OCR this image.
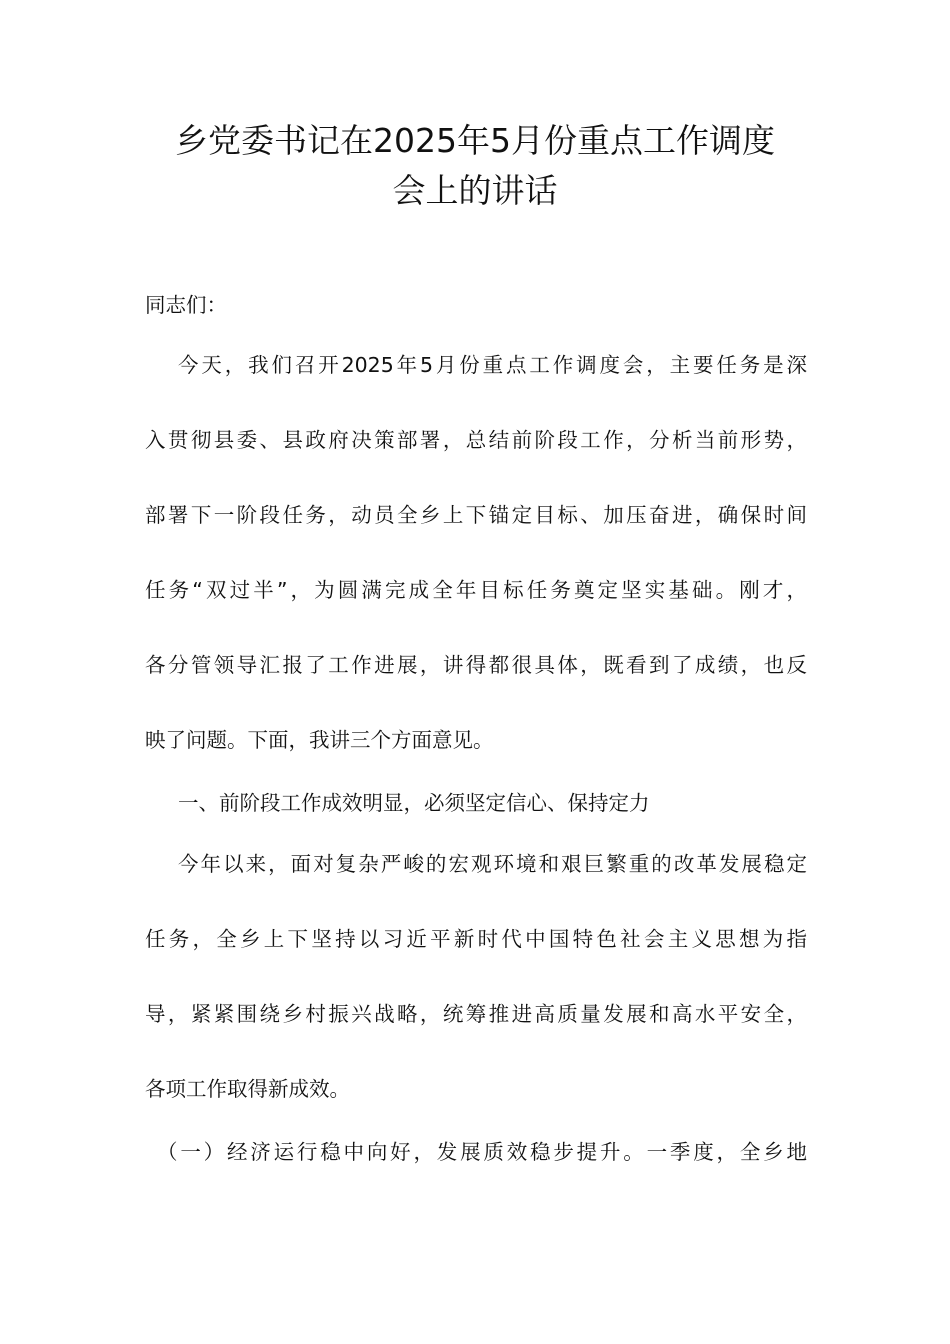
乡党委书记在2025年5月份重点工作调度
会上的讲话
同志们：
今天，我们召开2025年5月份重点工作调度会，主要任务是深
入贯彻县委、县政府决策部署，总结前阶段工作，分析当前形势，
部署下一阶段任务，动员全乡上下锚定目标、加压奋进，确保时间
任务“双过半”，为圆满完成全年目标任务奠定坚实基础。刚才，
各分管领导汇报了工作进展，讲得都很具体，既看到了成绩，也反
映了问题。下面，我讲三个方面意见。
一、前阶段工作成效明显，必须坚定信心、保持定力
今年以来，面对复杂严峻的宏观环境和艰巨繁重的改革发展稳定
任务，全乡上下坚持以习近平新时代中国特色社会主义思想为指
导，紧紧围绕乡村振兴战略，统筹推进高质量发展和高水平安全，
各项工作取得新成效。
（一）经济运行稳中向好，发展质效稳步提升。一季度，全乡地
